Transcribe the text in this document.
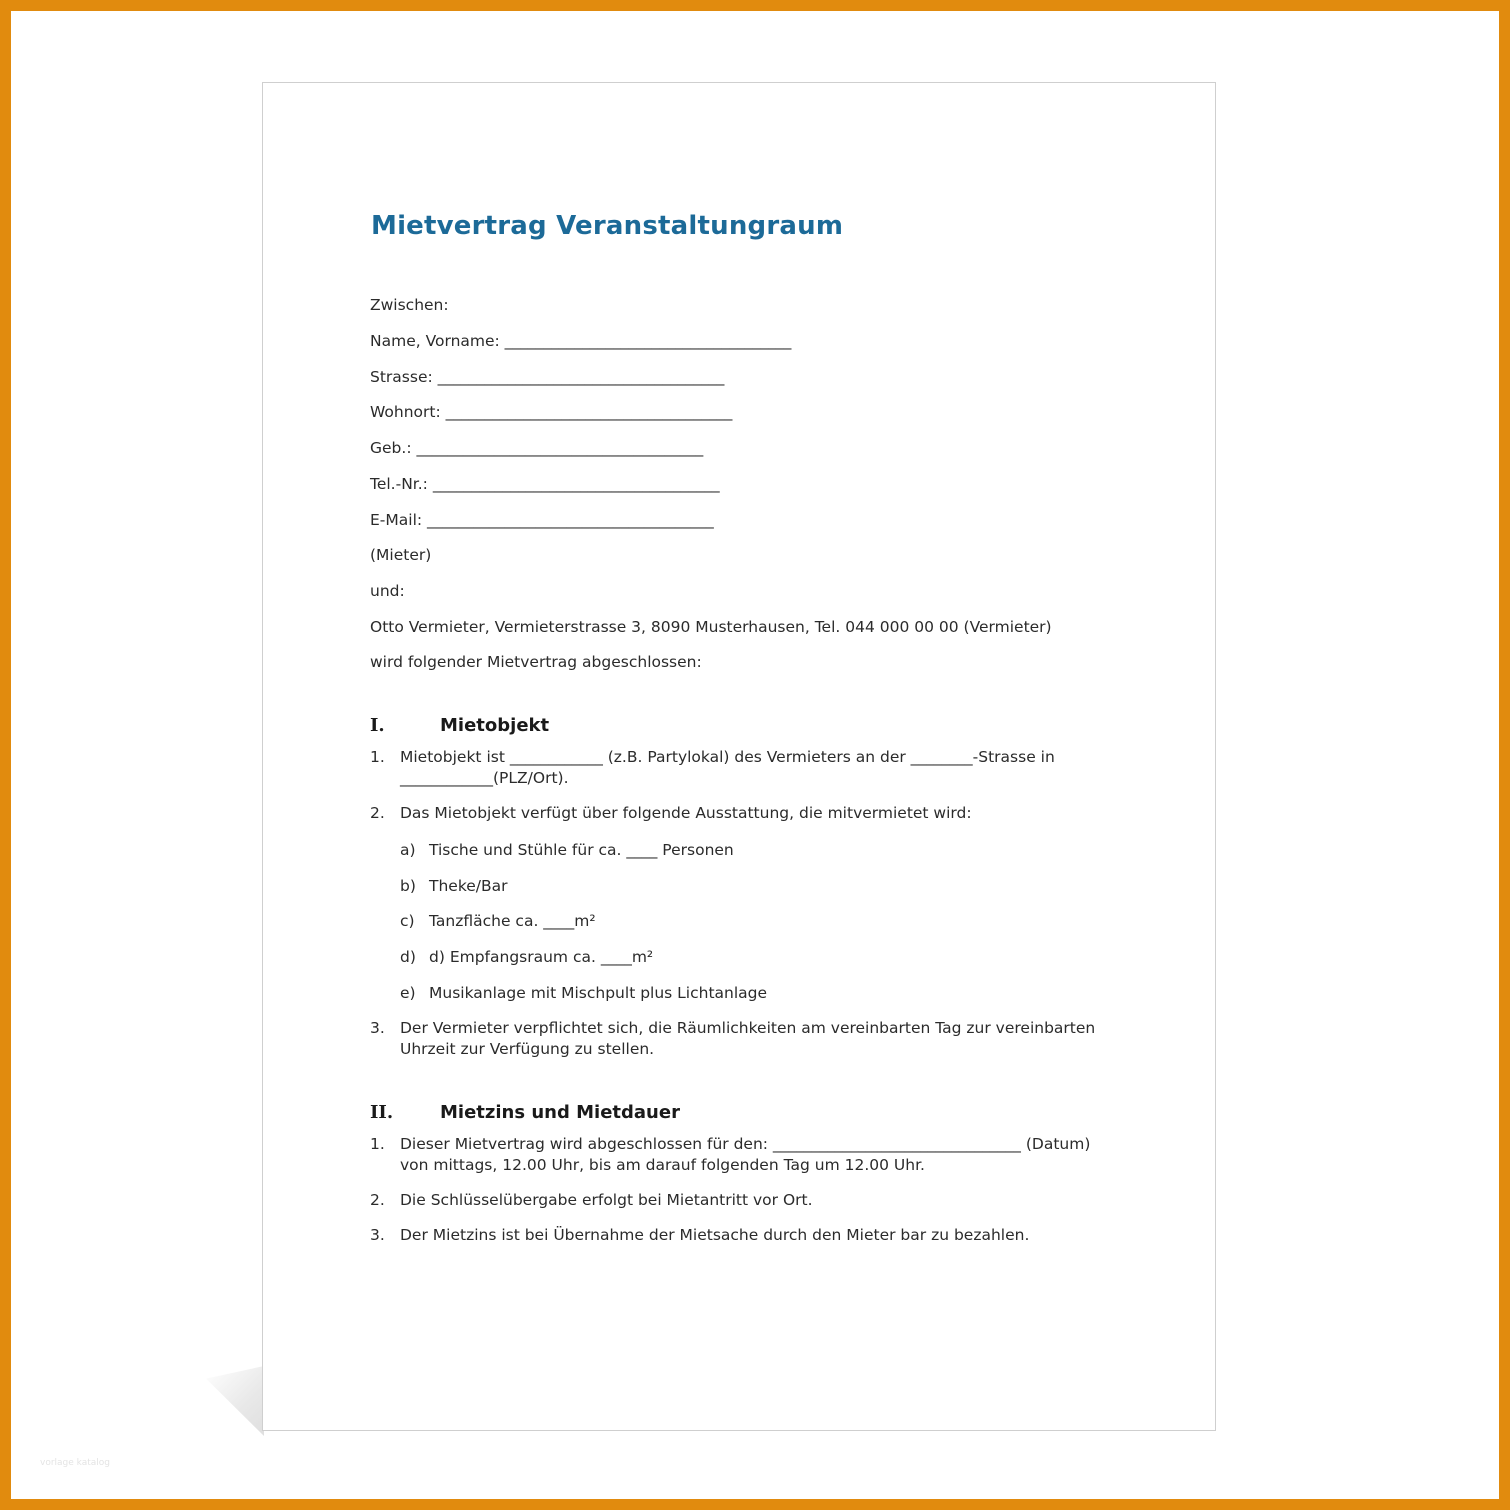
Mietvertrag Veranstaltungraum
Zwischen:
Name, Vorname: _____________________________________
Strasse: _____________________________________
Wohnort: _____________________________________
Geb.: _____________________________________
Tel.-Nr.: _____________________________________
E-Mail: _____________________________________
(Mieter)
und:
Otto Vermieter, Vermieterstrasse 3, 8090 Musterhausen, Tel. 044 000 00 00 (Vermieter)
wird folgender Mietvertrag abgeschlossen:
I.	Mietobjekt
1. Mietobjekt ist ____________ (z.B. Partylokal) des Vermieters an der ________-Strasse in ____________(PLZ/Ort).
2. Das Mietobjekt verfügt über folgende Ausstattung, die mitvermietet wird:
a) Tische und Stühle für ca. ____ Personen
b) Theke/Bar
c) Tanzfläche ca. ____m²
d) d) Empfangsraum ca. ____m²
e) Musikanlage mit Mischpult plus Lichtanlage
3. Der Vermieter verpflichtet sich, die Räumlichkeiten am vereinbarten Tag zur vereinbarten Uhrzeit zur Verfügung zu stellen.
II.	Mietzins und Mietdauer
1. Dieser Mietvertrag wird abgeschlossen für den: ________________________________ (Datum) von mittags, 12.00 Uhr, bis am darauf folgenden Tag um 12.00 Uhr.
2. Die Schlüsselübergabe erfolgt bei Mietantritt vor Ort.
3. Der Mietzins ist bei Übernahme der Mietsache durch den Mieter bar zu bezahlen.
vorlage katalog
